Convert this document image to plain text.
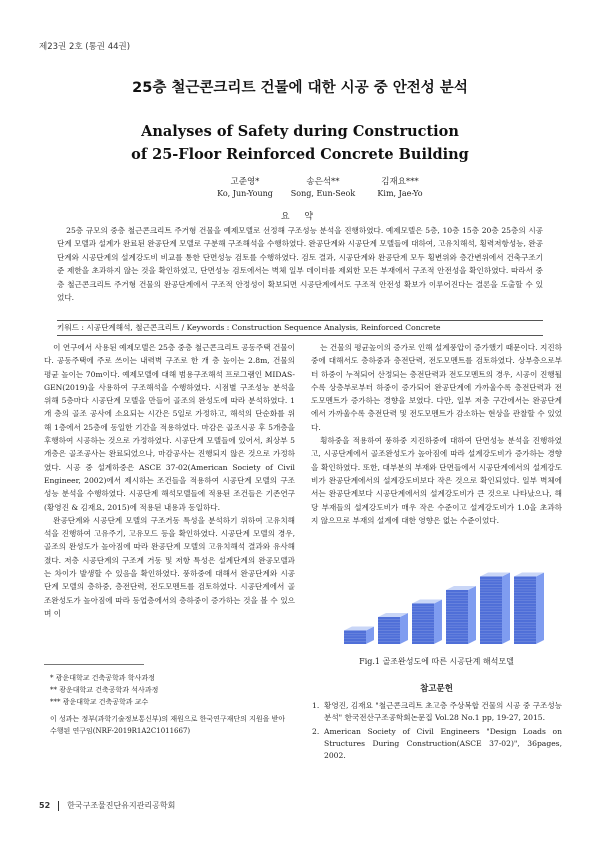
제23권 2호 (통권 44권)
25층 철근콘크리트 건물에 대한 시공 중 안전성 분석
Analyses of Safety during Construction
of 25-Floor Reinforced Concrete Building
고준영*
Ko, Jun-Young
송은석**
Song, Eun-Seok
김재요***
Kim, Jae-Yo
요 약
25층 규모의 중층 철근콘크리트 주거형 건물을 예제모델로 선정해 구조성능 분석을 진행하였다. 예제모델은 5층, 10층 15층 20층 25층의 시공단계 모델과 설계가 완료된 완공단계 모델로 구분해 구조해석을 수행하였다. 완공단계와 시공단계 모델들에 대하여, 고유치해석, 횡력저항성능, 완공단계와 시공단계의 설계강도비 비교를 통한 단면성능 검토를 수행하였다. 검토 결과, 시공단계와 완공단계 모두 횡변위와 층간변위에서 건축구조기준 제한을 초과하지 않는 것을 확인하였고, 단면성능 검토에서는 벽체 일부 데이터를 제외한 모든 부재에서 구조적 안전성을 확인하였다. 따라서 중층 철근콘크리트 주거형 건물의 완공단계에서 구조적 안정성이 확보되면 시공단계에서도 구조적 안전성 확보가 이루어진다는 결론을 도출할 수 있었다.
키워드 : 시공단계해석, 철근콘크리트 / Keywords : Construction Sequence Analysis, Reinforced Concrete

이 연구에서 사용된 예제모델은 25층 중층 철근콘크리트 공동주택 건물이다. 공동주택에 주로 쓰이는 내력벽 구조로 한 개 층 높이는 2.8m, 건물의 평균 높이는 70m이다. 예제모델에 대해 범용구조해석 프로그램인 MIDAS-GEN(2019)을 사용하여 구조해석을 수행하였다. 시점별 구조성능 분석을 위해 5층마다 시공단계 모델을 만들어 골조의 완성도에 따라 분석하였다. 1개 층의 골조 공사에 소요되는 시간은 5일로 가정하고, 해석의 단순화를 위해 1층에서 25층에 동일한 기간을 적용하였다. 마감은 골조시공 후 5개층을 후행하여 시공하는 것으로 가정하였다. 시공단계 모델들에 있어서, 최상부 5개층은 골조공사는 완료되었으나, 마감공사는 진행되지 않은 것으로 가정하였다. 시공 중 설계하중은 ASCE 37-02(American Society of Civil Engineer, 2002)에서 제시하는 조건들을 적용하여 시공단계 모델의 구조성능 분석을 수행하였다. 시공단계 해석모델들에 적용된 조건들은 기존연구(황영진 & 김재요, 2015)에 적용된 내용과 동일하다.

완공단계와 시공단계 모델의 구조거동 특성을 분석하기 위하여 고유치해석을 진행하여 고유주기, 고유모드 등을 확인하였다. 시공단계 모델의 경우, 골조의 완성도가 높아짐에 따라 완공단계 모델의 고유치해석 결과와 유사해졌다. 저층 시공단계의 구조계 거동 및 저항 특성은 설계단계의 완공모델과는 차이가 발생할 수 있음을 확인하였다. 풍하중에 대해서 완공단계와 시공단계 모델의 층하중, 층전단력, 전도모멘트를 검토하였다. 시공단계에서 골조완성도가 높아짐에 따라 등업층에서의 층하중이 증가하는 것을 볼 수 있으며 이

는 건물의 평균높이의 증가로 인해 설계풍압이 증가했기 때문이다. 지진하중에 대해서도 층하중과 층전단력, 전도모멘트를 검토하였다. 상부층으로부터 하중이 누적되어 산정되는 층전단력과 전도모멘트의 경우, 시공이 진행될수록 상층부로부터 하중이 증가되어 완공단계에 가까울수록 층전단력과 전도모멘트가 증가하는 경향을 보였다. 다만, 일부 저층 구간에서는 완공단계에서 가까울수록 층전단력 및 전도모멘트가 감소하는 현상을 관찰할 수 있었다.

횡하중을 적용하여 풍하중 지진하중에 대하여 단면성능 분석을 진행하였고, 시공단계에서 골조완성도가 높아짐에 따라 설계강도비가 증가하는 경향을 확인하였다. 또한, 대부분의 부재와 단면들에서 시공단계에서의 설계강도비가 완공단계에서의 설계강도비보다 작은 것으로 확인되었다. 일부 벽체에서는 완공단계보다 시공단계에서의 설계강도비가 큰 것으로 나타났으나, 해당 부재들의 설계강도비가 매우 작은 수준이고 설계강도비가 1.0을 초과하지 않으므로 부재의 설계에 대한 영향은 없는 수준이었다.

Fig.1 골조완성도에 따른 시공단계 해석모델
참고문헌
1. 황영진, 김재요 "철근콘크리트 초고층 주상복합 건물의 시공 중 구조성능 분석" 한국전산구조공학회논문집 Vol.28 No.1 pp, 19-27, 2015.
2. American Society of Civil Engineers "Design Loads on Structures During Construction(ASCE 37-02)", 36pages, 2002.
* 광운대학교 건축공학과 학사과정
** 광운대학교 건축공학과 석사과정
*** 광운대학교 건축공학과 교수
이 성과는 정부(과학기술정보통신부)의 재원으로 한국연구재단의 지원을 받아 수행된 연구임(NRF-2019R1A2C1011667)
52 한국구조물진단유지관리공학회
